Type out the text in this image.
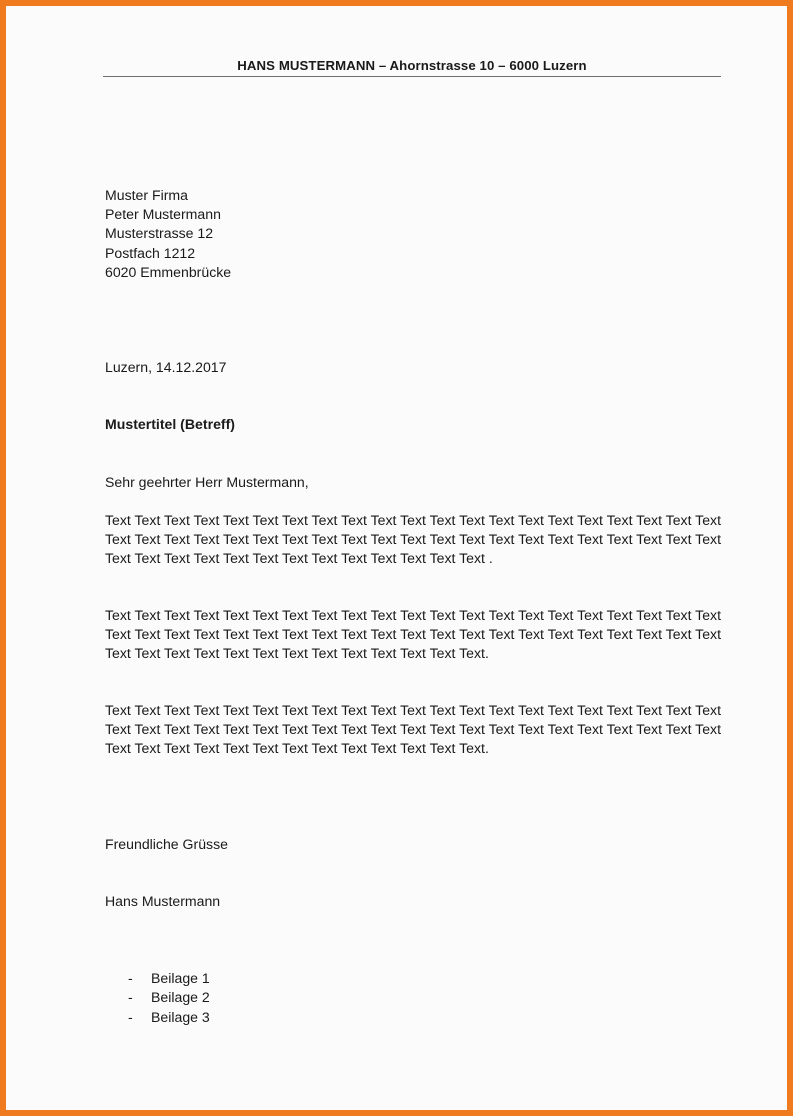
HANS MUSTERMANN – Ahornstrasse 10 – 6000 Luzern
Muster Firma
Peter Mustermann
Musterstrasse 12
Postfach 1212
6020 Emmenbrücke
Luzern, 14.12.2017
Mustertitel (Betreff)
Sehr geehrter Herr Mustermann,
Text Text Text Text Text Text Text Text Text Text Text Text Text Text Text Text Text Text Text Text Text Text Text Text Text Text Text Text Text Text Text Text Text Text Text Text Text Text Text Text Text Text Text Text Text Text Text Text Text Text Text Text Text Text Text .
Text Text Text Text Text Text Text Text Text Text Text Text Text Text Text Text Text Text Text Text Text Text Text Text Text Text Text Text Text Text Text Text Text Text Text Text Text Text Text Text Text Text Text Text Text Text Text Text Text Text Text Text Text Text Text.
Text Text Text Text Text Text Text Text Text Text Text Text Text Text Text Text Text Text Text Text Text Text Text Text Text Text Text Text Text Text Text Text Text Text Text Text Text Text Text Text Text Text Text Text Text Text Text Text Text Text Text Text Text Text Text.
Freundliche Grüsse
Hans Mustermann
-	Beilage 1
-	Beilage 2
-	Beilage 3
